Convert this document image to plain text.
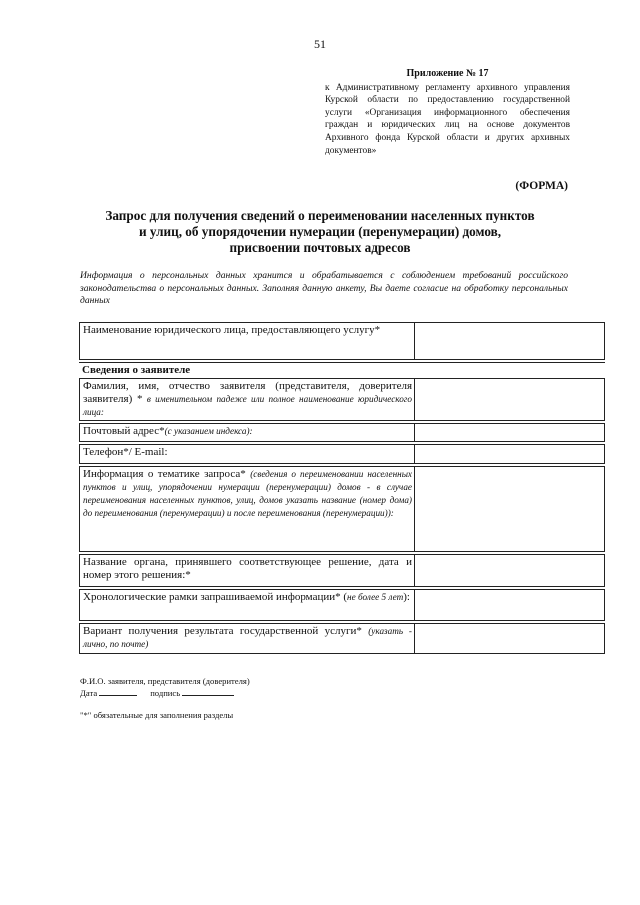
51
Приложение № 17
к Административному регламенту архивного управления Курской области по предоставлению государственной услуги «Организация информационного обеспечения граждан и юридических лиц на основе документов Архивного фонда Курской области и других архивных документов»
(ФОРМА)
Запрос для получения сведений о переименовании населенных пунктов
и улиц, об упорядочении нумерации (перенумерации) домов,
присвоении почтовых адресов
Информация о персональных данных хранится и обрабатывается с соблюдением требований российского законодательства о персональных данных. Заполняя данную анкету, Вы даете согласие на обработку персональных данных
Наименование юридического лица, предоставляющего услугу*
Сведения о заявителе
Фамилия, имя, отчество заявителя (представителя, доверителя заявителя) * в именительном падеже или полное наименование юридического лица:
Почтовый адрес*(с указанием индекса):
Телефон*/ E-mail:
Информация о тематике запроса* (сведения о переименовании населенных пунктов и улиц, упорядочении нумерации (перенумерации) домов - в случае переименования населенных пунктов, улиц, домов указать название (номер дома) до переименования (перенумерации) и после переименования (перенумерации)):
Название органа, принявшего соответствующее решение, дата и номер этого решения:*
Хронологические рамки запрашиваемой информации* (не более 5 лет):
Вариант получения результата государственной услуги* (указать - лично, по почте)
Ф.И.О. заявителя, представителя (доверителя)
Дата	подпись
"*" обязательные для заполнения разделы
